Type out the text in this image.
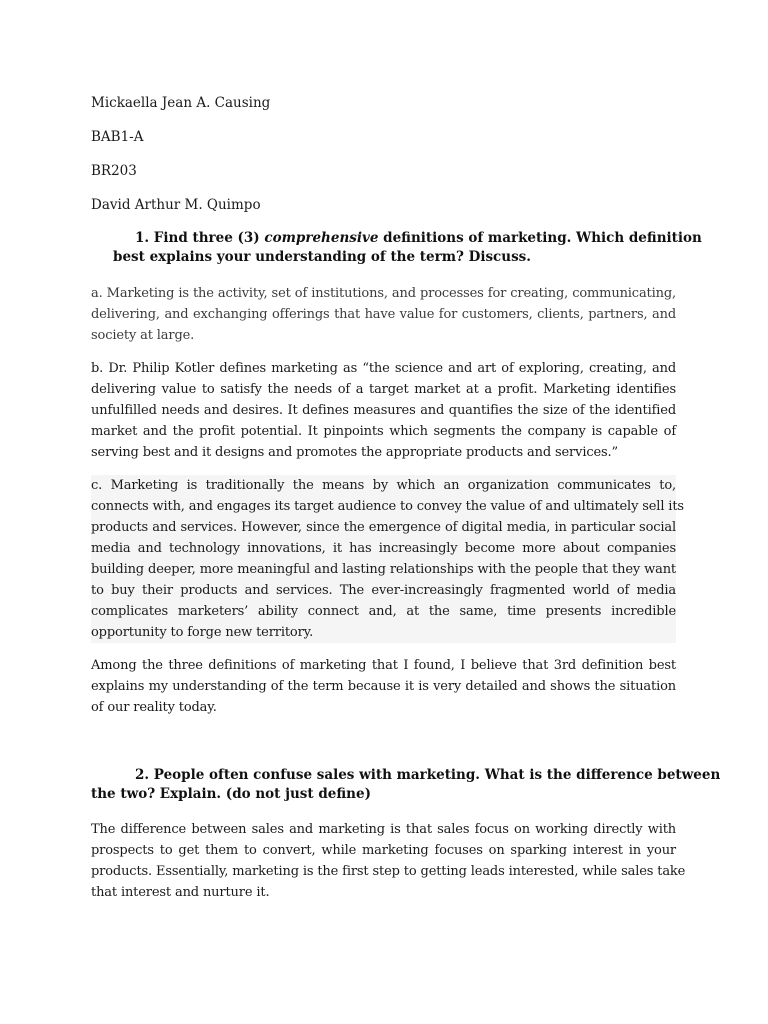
Mickaella Jean A. Causing
BAB1-A
BR203
David Arthur M. Quimpo
1. Find three (3) comprehensive definitions of marketing. Which definition
best explains your understanding of the term? Discuss.
a. Marketing is the activity, set of institutions, and processes for creating, communicating,
delivering, and exchanging offerings that have value for customers, clients, partners, and
society at large.
b. Dr. Philip Kotler defines marketing as “the science and art of exploring, creating, and
delivering value to satisfy the needs of a target market at a profit. Marketing identifies
unfulfilled needs and desires. It defines measures and quantifies the size of the identified
market and the profit potential. It pinpoints which segments the company is capable of
serving best and it designs and promotes the appropriate products and services.”
c. Marketing is traditionally the means by which an organization communicates to,
connects with, and engages its target audience to convey the value of and ultimately sell its
products and services. However, since the emergence of digital media, in particular social
media and technology innovations, it has increasingly become more about companies
building deeper, more meaningful and lasting relationships with the people that they want
to buy their products and services. The ever-increasingly fragmented world of media
complicates marketers’ ability connect and, at the same, time presents incredible
opportunity to forge new territory.
Among the three definitions of marketing that I found, I believe that 3rd definition best
explains my understanding of the term because it is very detailed and shows the situation
of our reality today.
2. People often confuse sales with marketing. What is the difference between
the two? Explain. (do not just define)
The difference between sales and marketing is that sales focus on working directly with
prospects to get them to convert, while marketing focuses on sparking interest in your
products. Essentially, marketing is the first step to getting leads interested, while sales take
that interest and nurture it.
